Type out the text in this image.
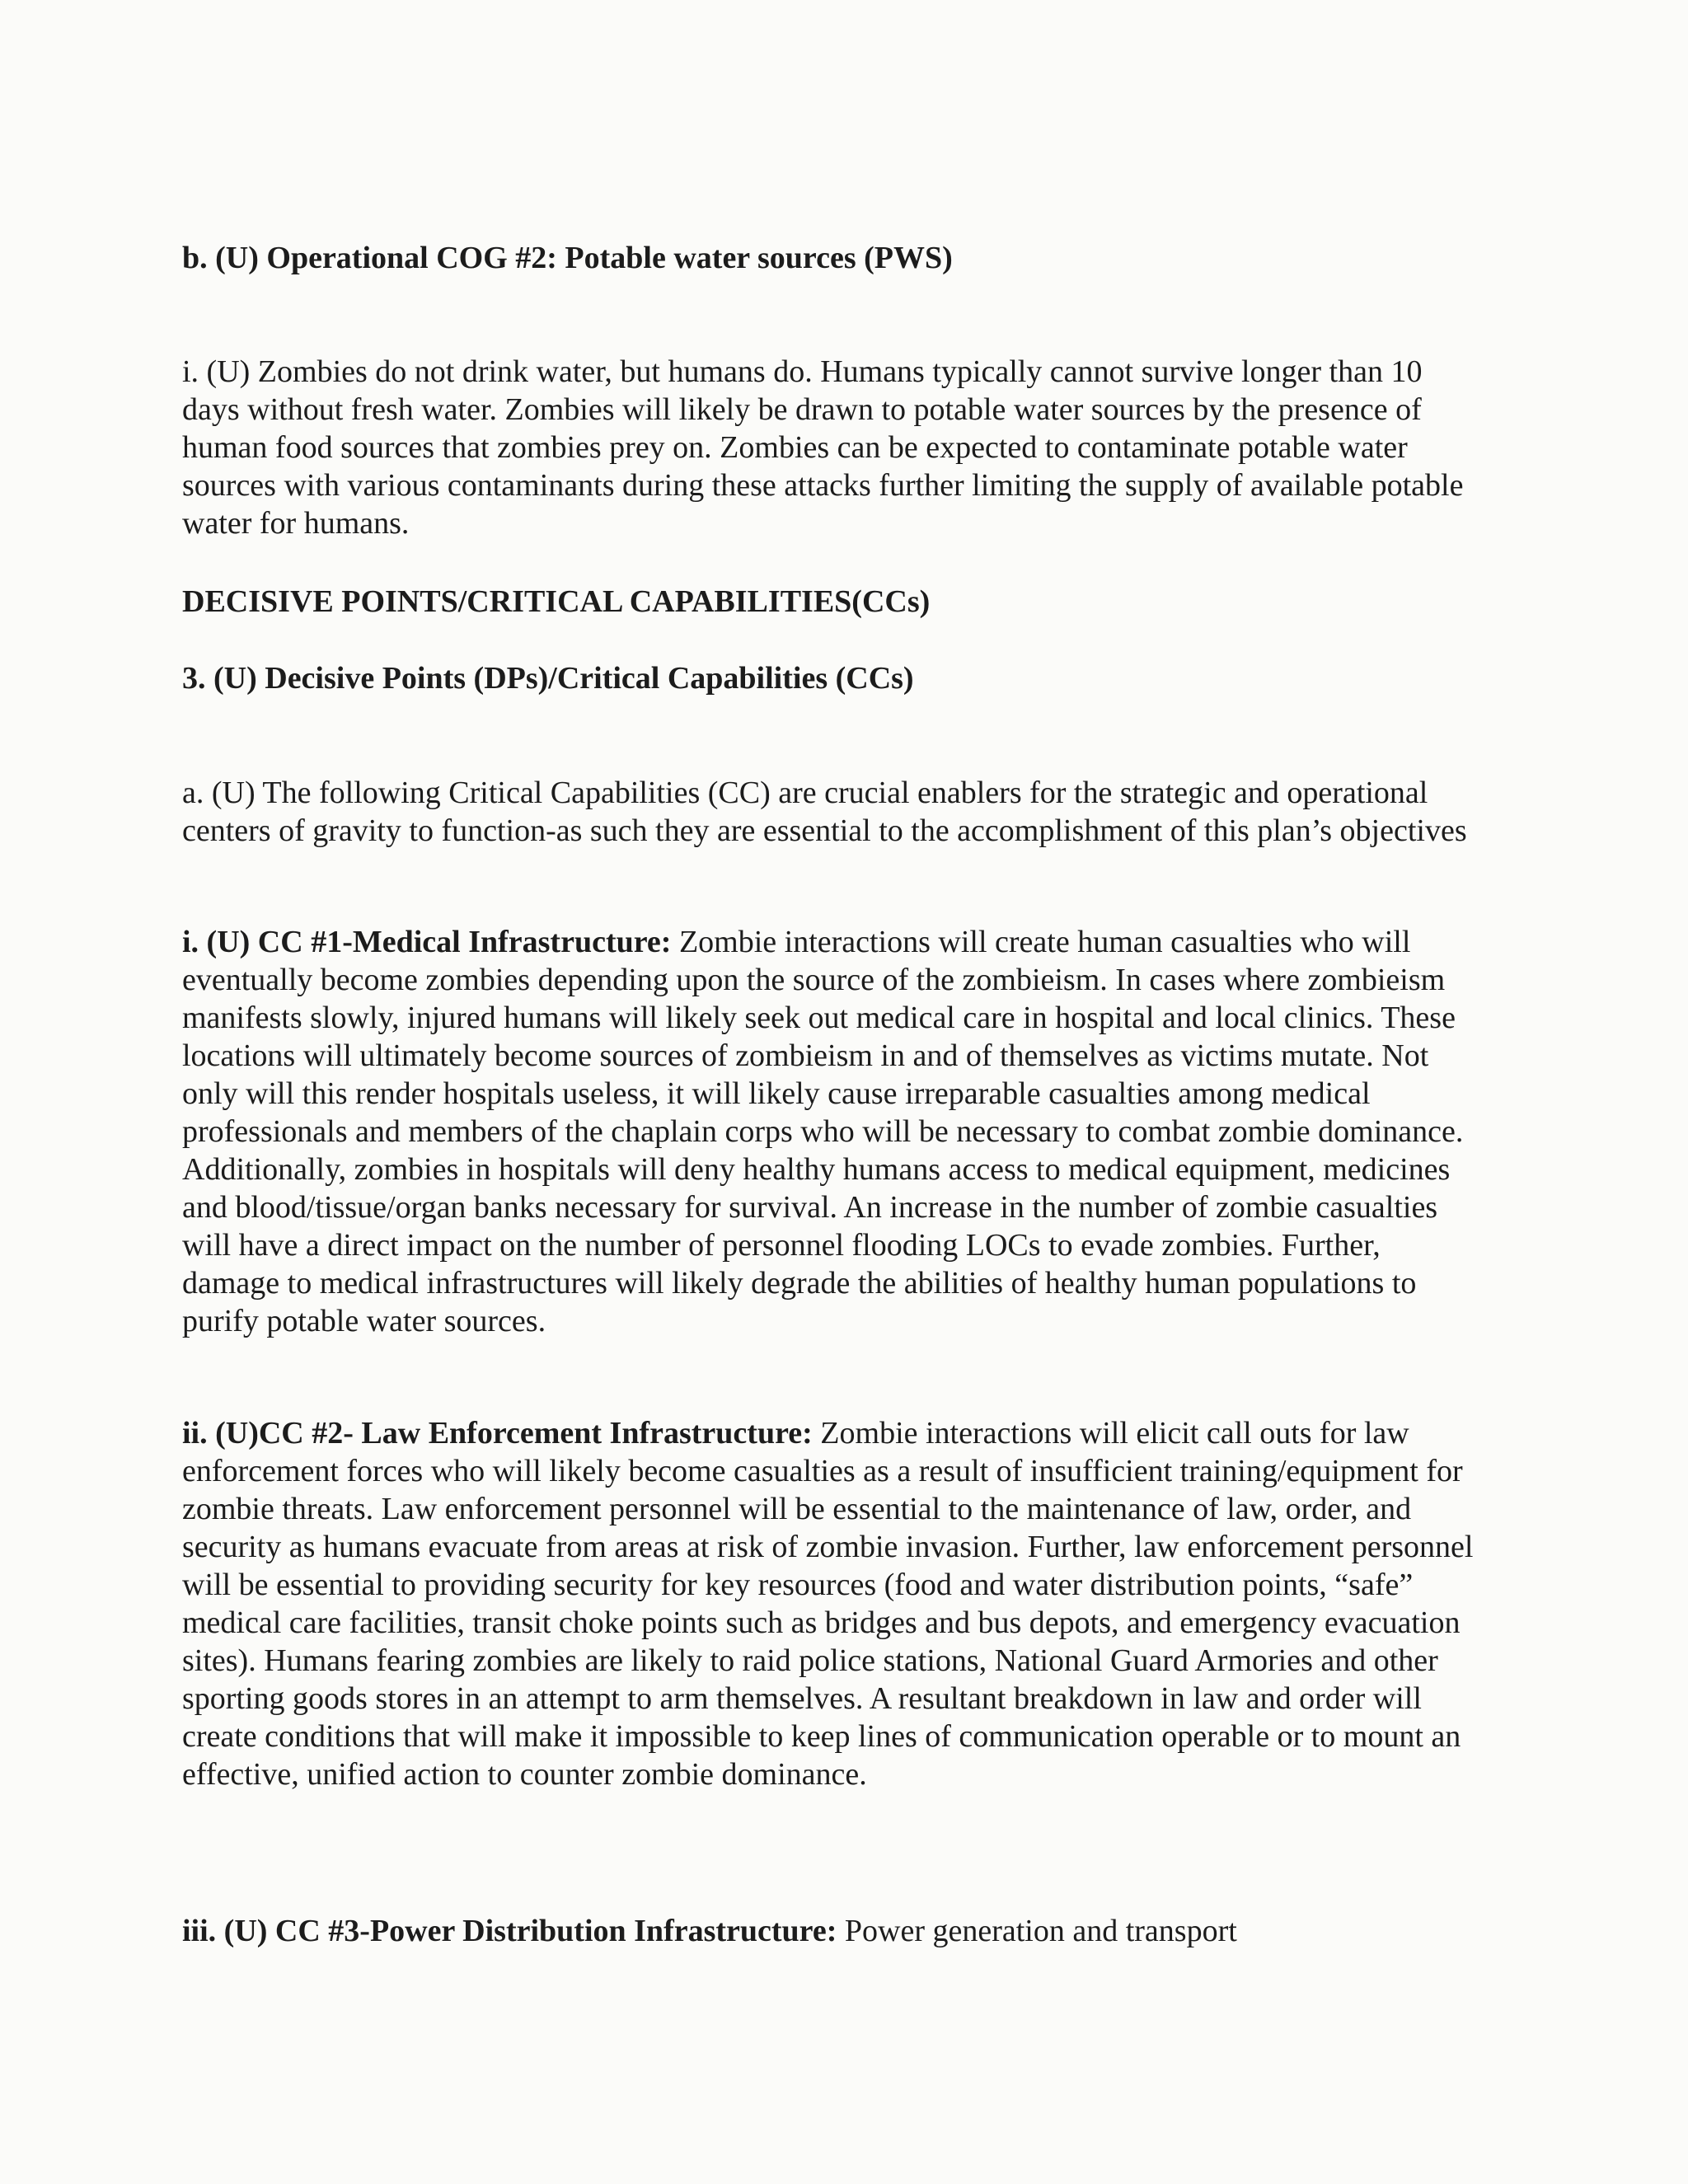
b. (U) Operational COG #2: Potable water sources (PWS)

i. (U) Zombies do not drink water, but humans do. Humans typically cannot survive longer than 10 days without fresh water. Zombies will likely be drawn to potable water sources by the presence of human food sources that zombies prey on. Zombies can be expected to contaminate potable water sources with various contaminants during these attacks further limiting the supply of available potable water for humans.

DECISIVE POINTS/CRITICAL CAPABILITIES(CCs)

3. (U) Decisive Points (DPs)/Critical Capabilities (CCs)

a. (U) The following Critical Capabilities (CC) are crucial enablers for the strategic and operational centers of gravity to function-as such they are essential to the accomplishment of this plan’s objectives

i. (U) CC #1-Medical Infrastructure: Zombie interactions will create human casualties who will eventually become zombies depending upon the source of the zombieism. In cases where zombieism manifests slowly, injured humans will likely seek out medical care in hospital and local clinics. These locations will ultimately become sources of zombieism in and of themselves as victims mutate. Not only will this render hospitals useless, it will likely cause irreparable casualties among medical professionals and members of the chaplain corps who will be necessary to combat zombie dominance. Additionally, zombies in hospitals will deny healthy humans access to medical equipment, medicines and blood/tissue/organ banks necessary for survival. An increase in the number of zombie casualties will have a direct impact on the number of personnel flooding LOCs to evade zombies. Further, damage to medical infrastructures will likely degrade the abilities of healthy human populations to purify potable water sources.

ii. (U)CC #2- Law Enforcement Infrastructure: Zombie interactions will elicit call outs for law enforcement forces who will likely become casualties as a result of insufficient training/equipment for zombie threats. Law enforcement personnel will be essential to the maintenance of law, order, and security as humans evacuate from areas at risk of zombie invasion. Further, law enforcement personnel will be essential to providing security for key resources (food and water distribution points, “safe” medical care facilities, transit choke points such as bridges and bus depots, and emergency evacuation sites). Humans fearing zombies are likely to raid police stations, National Guard Armories and other sporting goods stores in an attempt to arm themselves. A resultant breakdown in law and order will create conditions that will make it impossible to keep lines of communication operable or to mount an effective, unified action to counter zombie dominance.

iii. (U) CC #3-Power Distribution Infrastructure: Power generation and transport
